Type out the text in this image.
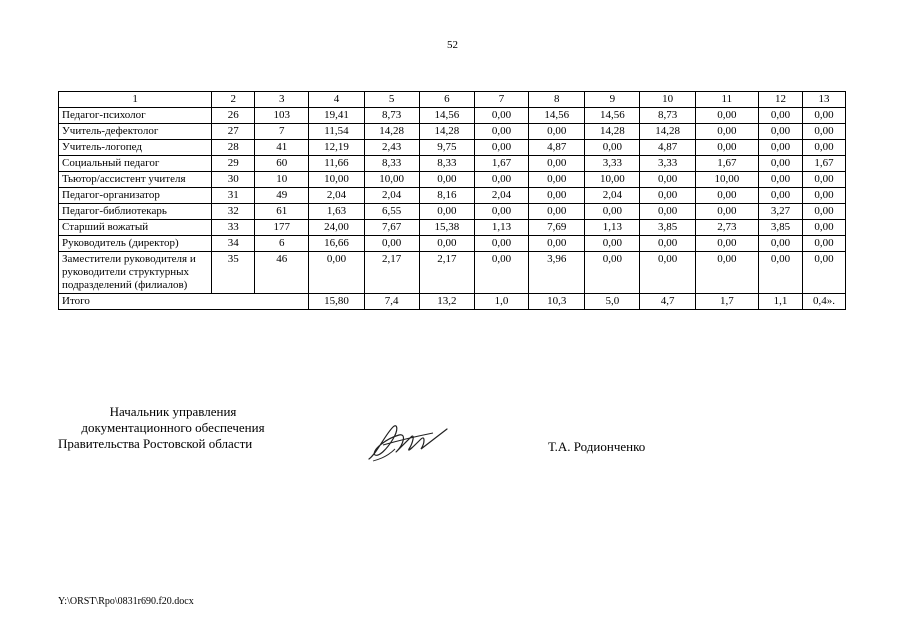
52
1	2	3	4	5	6	7	8	9	10	11	12	13
Педагог-психолог	26	103	19,41	8,73	14,56	0,00	14,56	14,56	8,73	0,00	0,00	0,00
Учитель-дефектолог	27	7	11,54	14,28	14,28	0,00	0,00	14,28	14,28	0,00	0,00	0,00
Учитель-логопед	28	41	12,19	2,43	9,75	0,00	4,87	0,00	4,87	0,00	0,00	0,00
Социальный педагог	29	60	11,66	8,33	8,33	1,67	0,00	3,33	3,33	1,67	0,00	1,67
Тьютор/ассистент учителя	30	10	10,00	10,00	0,00	0,00	0,00	10,00	0,00	10,00	0,00	0,00
Педагог-организатор	31	49	2,04	2,04	8,16	2,04	0,00	2,04	0,00	0,00	0,00	0,00
Педагог-библиотекарь	32	61	1,63	6,55	0,00	0,00	0,00	0,00	0,00	0,00	3,27	0,00
Старший вожатый	33	177	24,00	7,67	15,38	1,13	7,69	1,13	3,85	2,73	3,85	0,00
Руководитель (директор)	34	6	16,66	0,00	0,00	0,00	0,00	0,00	0,00	0,00	0,00	0,00
Заместители руководителя и руководители структурных подразделений (филиалов)	35	46	0,00	2,17	2,17	0,00	3,96	0,00	0,00	0,00	0,00	0,00
Итого			15,80	7,4	13,2	1,0	10,3	5,0	4,7	1,7	1,1	0,4».
Начальник управления
документационного обеспечения
Правительства Ростовской области	Т.А. Родионченко
Y:\ORST\Rpo\0831r690.f20.docx
